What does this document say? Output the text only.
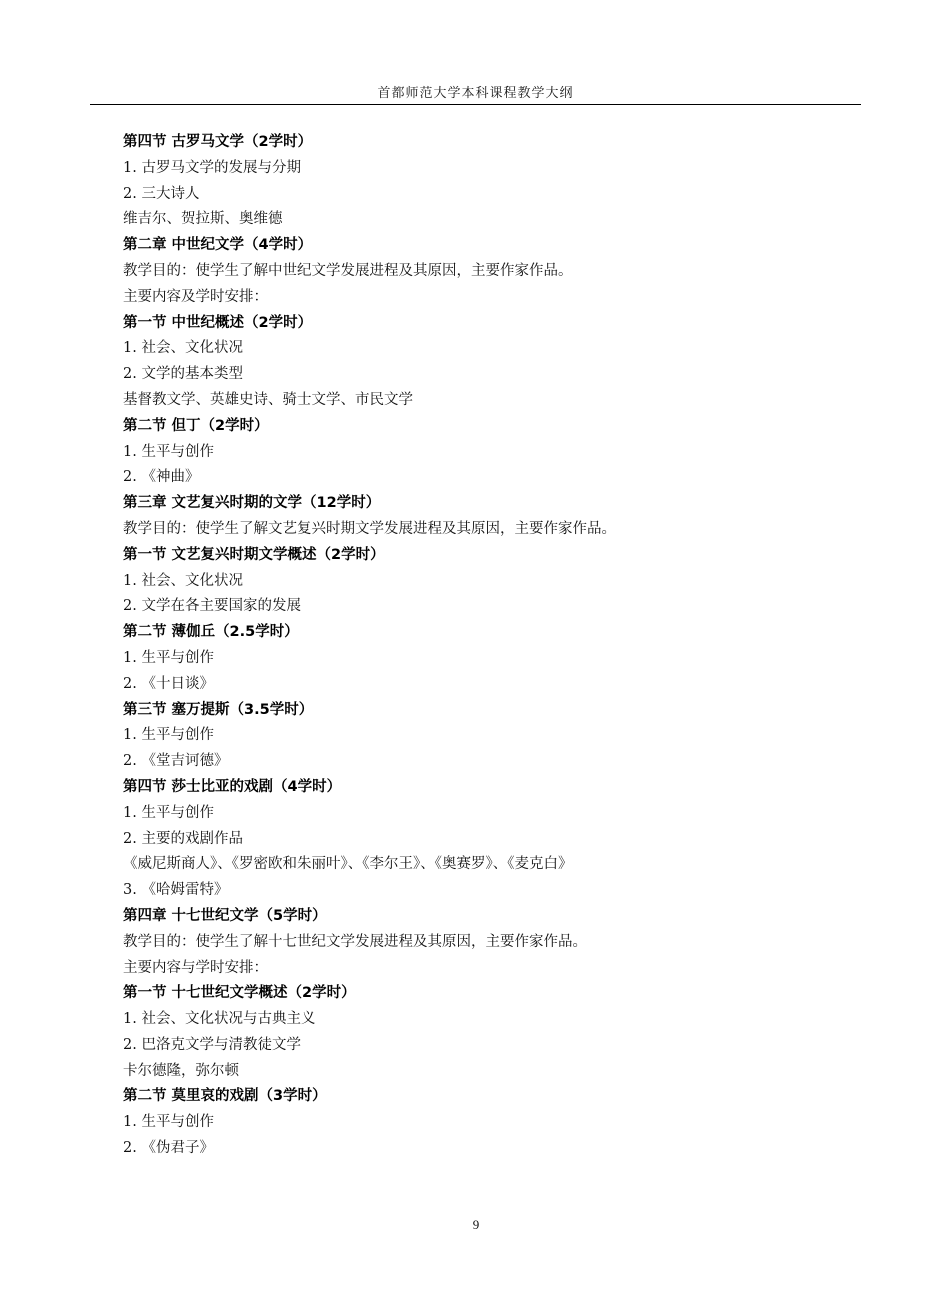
首都师范大学本科课程教学大纲
第四节 古罗马文学（2学时）
1. 古罗马文学的发展与分期
2. 三大诗人
维吉尔、贺拉斯、奥维德
第二章 中世纪文学（4学时）
教学目的：使学生了解中世纪文学发展进程及其原因，主要作家作品。
主要内容及学时安排：
第一节 中世纪概述（2学时）
1. 社会、文化状况
2. 文学的基本类型
基督教文学、英雄史诗、骑士文学、市民文学
第二节 但丁（2学时）
1. 生平与创作
2. 《神曲》
第三章 文艺复兴时期的文学（12学时）
教学目的：使学生了解文艺复兴时期文学发展进程及其原因，主要作家作品。
第一节 文艺复兴时期文学概述（2学时）
1. 社会、文化状况
2. 文学在各主要国家的发展
第二节 薄伽丘（2.5学时）
1. 生平与创作
2. 《十日谈》
第三节 塞万提斯（3.5学时）
1. 生平与创作
2. 《堂吉诃德》
第四节 莎士比亚的戏剧（4学时）
1. 生平与创作
2. 主要的戏剧作品
《威尼斯商人》、《罗密欧和朱丽叶》、《李尔王》、《奥赛罗》、《麦克白》
3. 《哈姆雷特》
第四章 十七世纪文学（5学时）
教学目的：使学生了解十七世纪文学发展进程及其原因，主要作家作品。
主要内容与学时安排：
第一节 十七世纪文学概述（2学时）
1. 社会、文化状况与古典主义
2. 巴洛克文学与清教徒文学
卡尔德隆，弥尔顿
第二节 莫里哀的戏剧（3学时）
1. 生平与创作
2. 《伪君子》
9
